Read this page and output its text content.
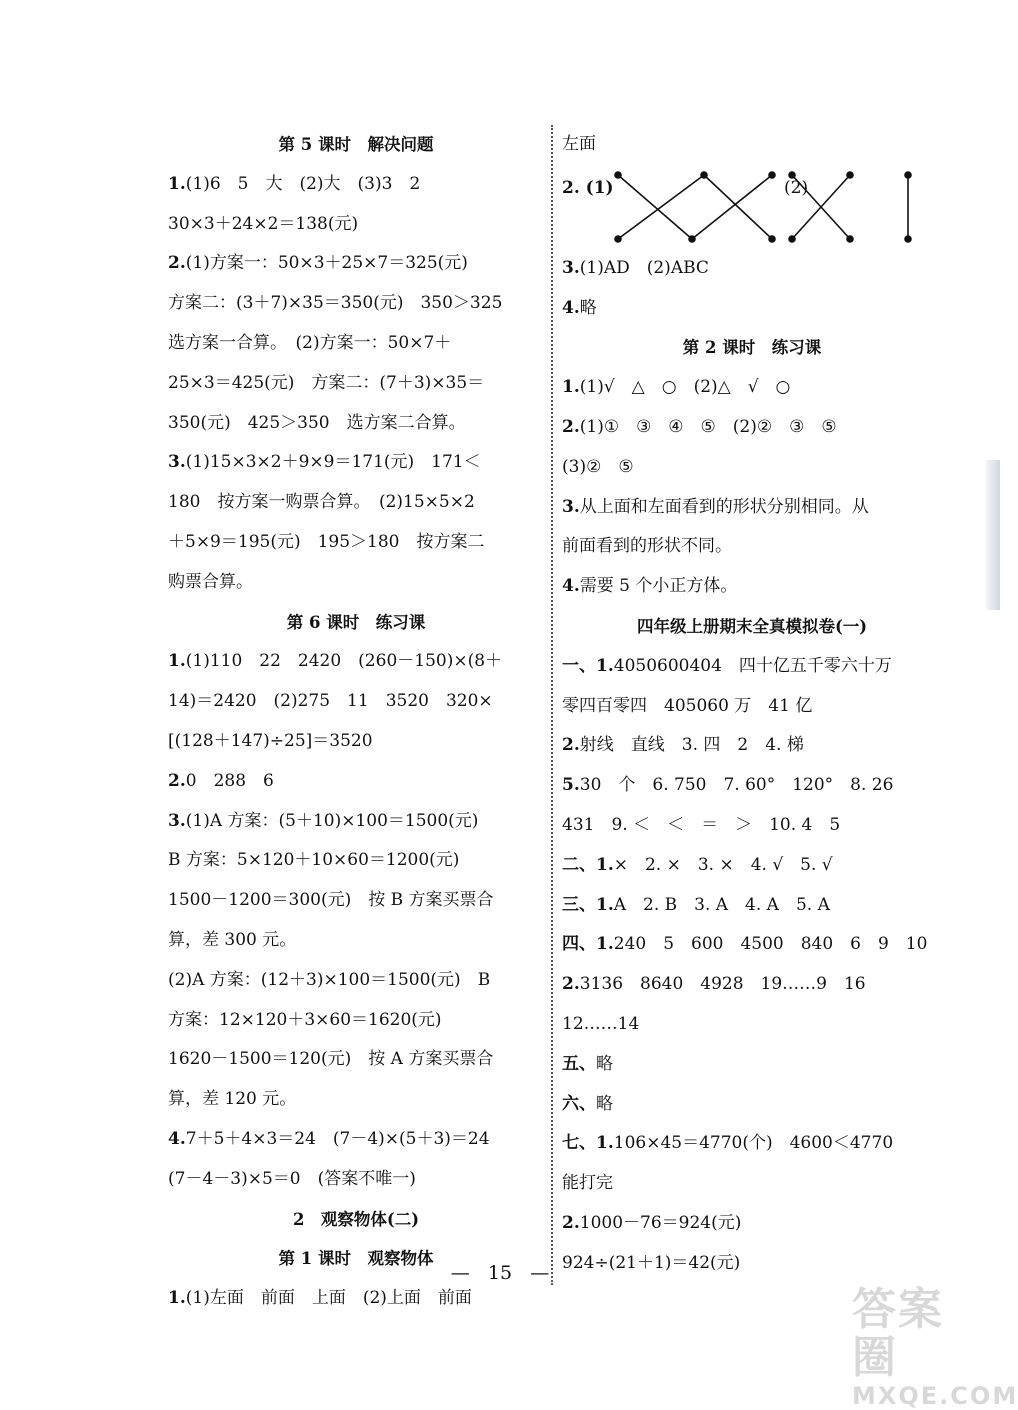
第 5 课时　解决问题
1.(1)6　5　大　(2)大　(3)3　2
30×3＋24×2＝138(元)
2.(1)方案一：50×3＋25×7＝325(元)
方案二：(3＋7)×35＝350(元)　350＞325
选方案一合算。　(2)方案一：50×7＋
25×3＝425(元)　方案二：(7＋3)×35＝
350(元)　425＞350　选方案二合算。
3.(1)15×3×2＋9×9＝171(元)　171＜
180　按方案一购票合算。　(2)15×5×2
＋5×9＝195(元)　195＞180　按方案二
购票合算。
第 6 课时　练习课
1.(1)110　22　2420　(260－150)×(8＋
14)＝2420　(2)275　11　3520　320×
[(128＋147)÷25]＝3520
2.0　288　6
3.(1)A 方案：(5＋10)×100＝1500(元)
B 方案：5×120＋10×60＝1200(元)
1500－1200＝300(元)　按 B 方案买票合
算，差 300 元。
(2)A 方案：(12＋3)×100＝1500(元)　B
方案：12×120＋3×60＝1620(元)
1620－1500＝120(元)　按 A 方案买票合
算，差 120 元。
4.7＋5＋4×3＝24　(7－4)×(5＋3)＝24
(7－4－3)×5＝0　(答案不唯一)
2　观察物体(二)
第 1 课时　观察物体
1.(1)左面　前面　上面　(2)上面　前面
左面
2. (1)	(2)
3.(1)AD　(2)ABC
4.略
第 2 课时　练习课
1.(1)√　△　○　(2)△　√　○
2.(1)①　③　④　⑤　(2)②　③　⑤
(3)②　⑤
3.从上面和左面看到的形状分别相同。从
前面看到的形状不同。
4.需要 5 个小正方体。
四年级上册期末全真模拟卷(一)
一、1.4050600404　四十亿五千零六十万
零四百零四　405060 万　41 亿
2.射线　直线　3. 四　2　4. 梯
5.30　个　6. 750　7. 60°　120°　8. 26
431　9. ＜　＜　＝　＞　10. 4　5
二、1.×　2. ×　3. ×　4. √　5. √
三、1.A　2. B　3. A　4. A　5. A
四、1.240　5　600　4500　840　6　9　10
2.3136　8640　4928　19……9　16
12……14
五、略
六、略
七、1.106×45＝4770(个)　4600＜4770
能打完
2.1000－76＝924(元)
924÷(21＋1)＝42(元)
— 15 —
答案圈
MXQE.COM
